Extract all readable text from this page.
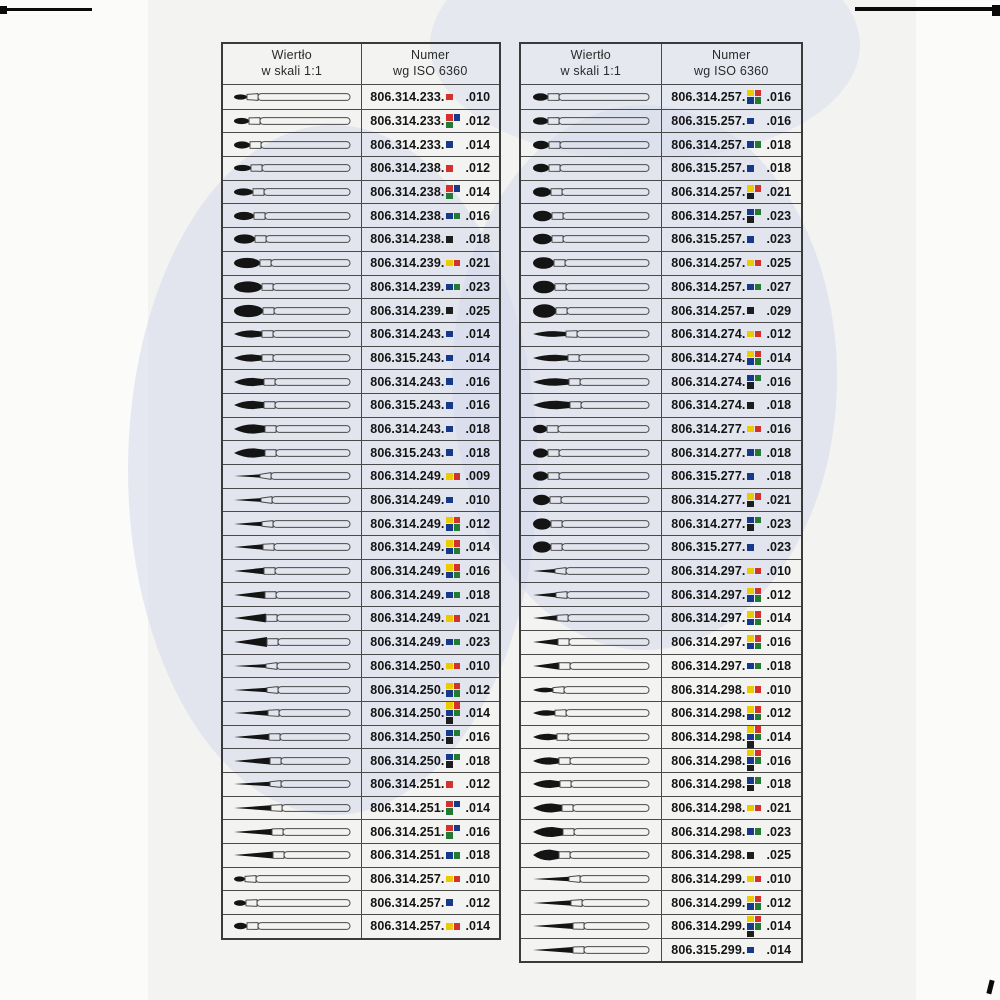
Wiertło
w skali 1:1
Numer
wg ISO 6360
806.314.233. .010
806.314.233. .012
806.314.233. .014
806.314.238. .012
806.314.238. .014
806.314.238. .016
806.314.238. .018
806.314.239. .021
806.314.239. .023
806.314.239. .025
806.314.243. .014
806.315.243. .014
806.314.243. .016
806.315.243. .016
806.314.243. .018
806.315.243. .018
806.314.249. .009
806.314.249. .010
806.314.249. .012
806.314.249. .014
806.314.249. .016
806.314.249. .018
806.314.249. .021
806.314.249. .023
806.314.250. .010
806.314.250. .012
806.314.250. .014
806.314.250. .016
806.314.250. .018
806.314.251. .012
806.314.251. .014
806.314.251. .016
806.314.251. .018
806.314.257. .010
806.314.257. .012
806.314.257. .014
Wiertło
w skali 1:1
Numer
wg ISO 6360
806.314.257. .016
806.315.257. .016
806.314.257. .018
806.315.257. .018
806.314.257. .021
806.314.257. .023
806.315.257. .023
806.314.257. .025
806.314.257. .027
806.314.257. .029
806.314.274. .012
806.314.274. .014
806.314.274. .016
806.314.274. .018
806.314.277. .016
806.314.277. .018
806.315.277. .018
806.314.277. .021
806.314.277. .023
806.315.277. .023
806.314.297. .010
806.314.297. .012
806.314.297. .014
806.314.297. .016
806.314.297. .018
806.314.298. .010
806.314.298. .012
806.314.298. .014
806.314.298. .016
806.314.298. .018
806.314.298. .021
806.314.298. .023
806.314.298. .025
806.314.299. .010
806.314.299. .012
806.314.299. .014
806.315.299. .014
